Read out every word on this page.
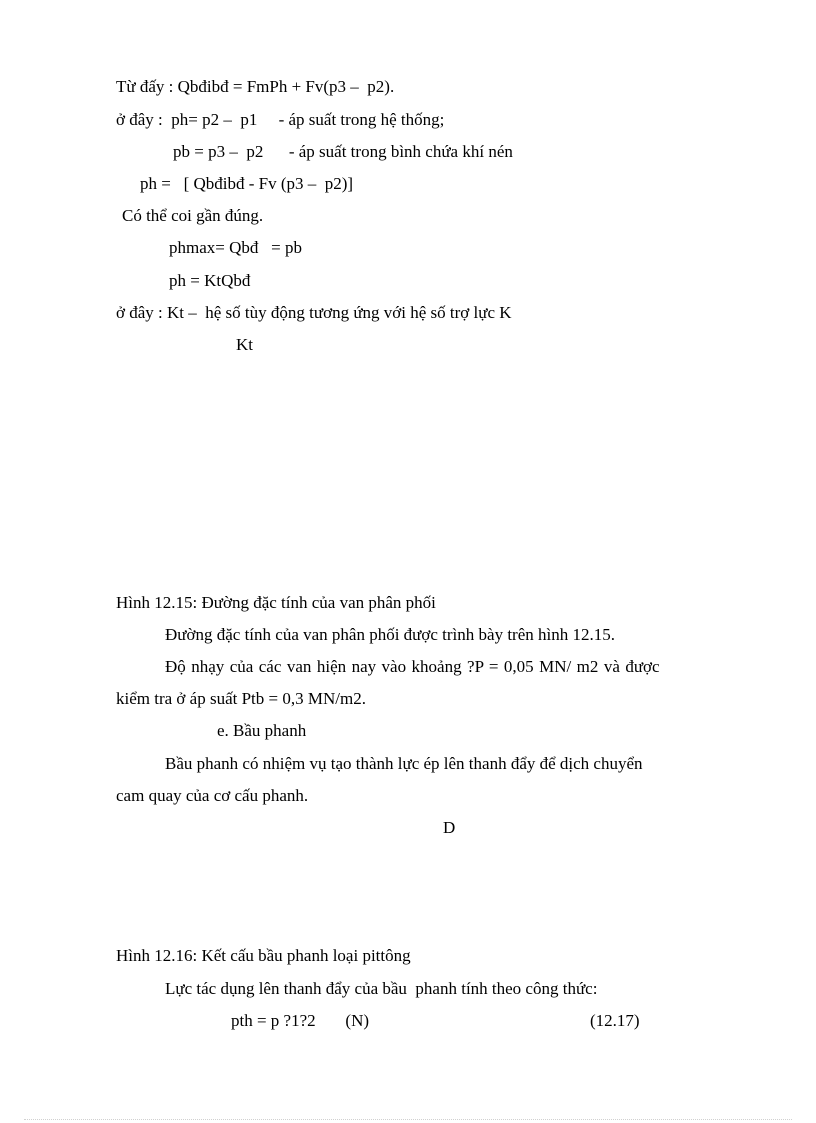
Từ đấy : Qbđibđ = FmPh + Fv(p3 –  p2).

ở đây :  ph= p2 –  p1     - áp suất trong hệ thống;

pb = p3 –  p2      - áp suất trong bình chứa khí nén

ph =   [ Qbđibđ - Fv (p3 –  p2)]

Có thể coi gần đúng.

phmax= Qbđ   = pb

ph = KtQbđ

ở đây : Kt –  hệ số tùy động tương ứng với hệ số trợ lực K

Kt

Hình 12.15: Đường đặc tính của van phân phối

Đường đặc tính của van phân phối được trình bày trên hình 12.15.

Độ nhạy của các van hiện nay vào khoảng ?P = 0,05 MN/ m2 và được

kiểm tra ở áp suất Ptb = 0,3 MN/m2.

e. Bầu phanh

Bầu phanh có nhiệm vụ tạo thành lực ép lên thanh đẩy để dịch chuyển

cam quay của cơ cấu phanh.

D

Hình 12.16: Kết cấu bầu phanh loại pittông

Lực tác dụng lên thanh đẩy của bầu  phanh tính theo công thức:

pth = p ?1?2       (N)	(12.17)
